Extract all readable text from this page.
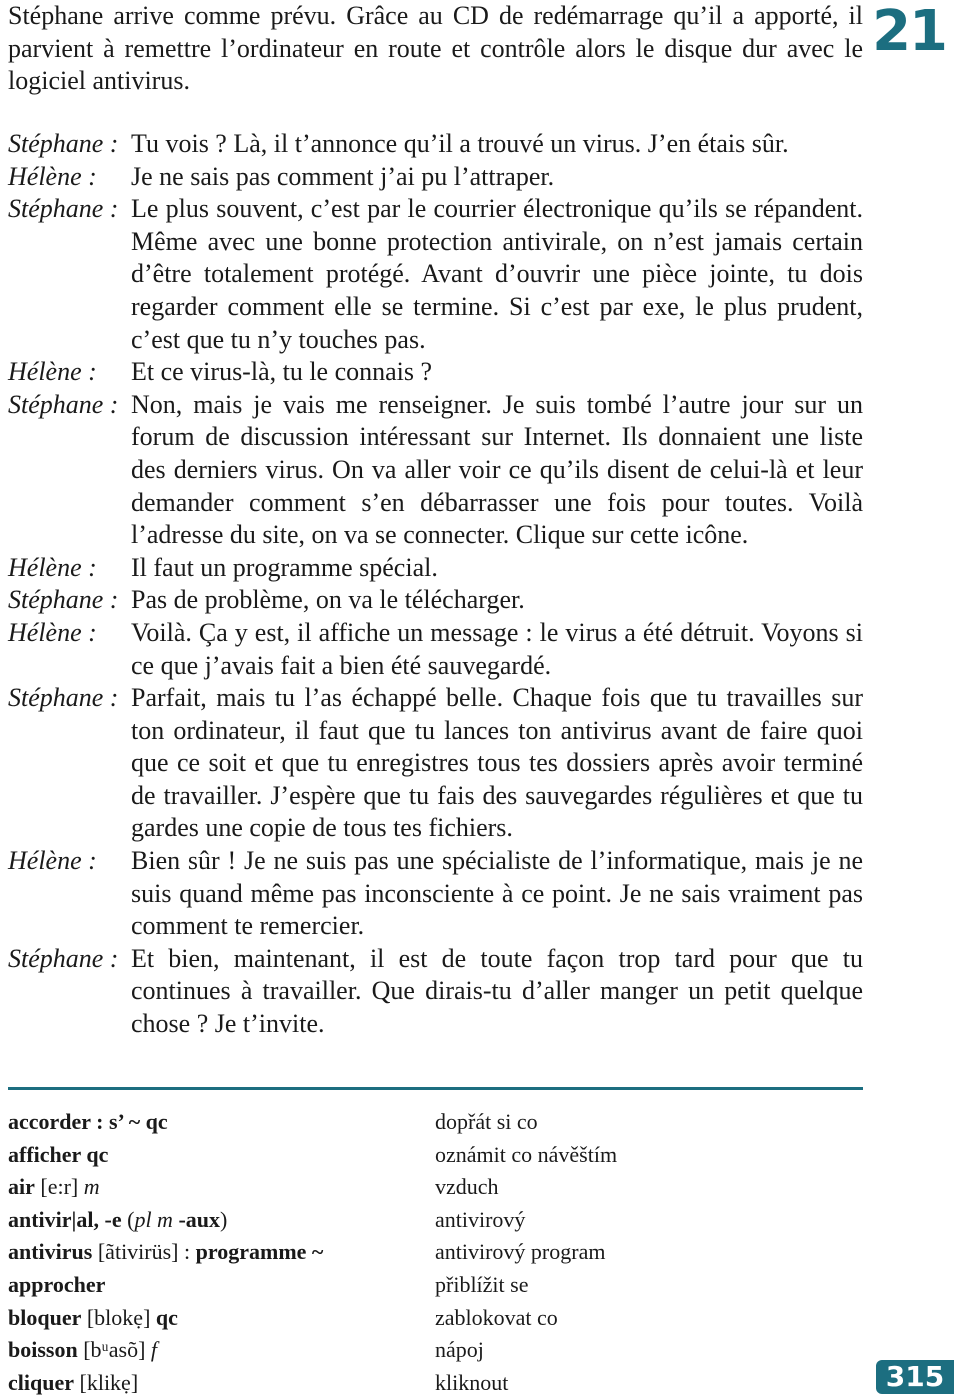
21

Stéphane arrive comme prévu. Grâce au CD de redémarrage qu’il a apporté, il parvient à remettre l’ordinateur en route et contrôle alors le disque dur avec le logiciel antivirus.

Stéphane : Tu vois ? Là, il t’annonce qu’il a trouvé un virus. J’en étais sûr.
Hélène :	Je ne sais pas comment j’ai pu l’attraper.
Stéphane : Le plus souvent, c’est par le courrier électronique qu’ils se répandent. Même avec une bonne protection antivirale, on n’est jamais certain d’être totalement protégé. Avant d’ouvrir une pièce jointe, tu dois regarder comment elle se termine. Si c’est par exe, le plus prudent, c’est que tu n’y touches pas.
Hélène :	Et ce virus-là, tu le connais ?
Stéphane : Non, mais je vais me renseigner. Je suis tombé l’autre jour sur un forum de discussion intéressant sur Internet. Ils donnaient une liste des derniers virus. On va aller voir ce qu’ils disent de celui-là et leur demander comment s’en débarrasser une fois pour toutes. Voilà l’adresse du site, on va se connecter. Clique sur cette icône.
Hélène :	Il faut un programme spécial.
Stéphane : Pas de problème, on va le télécharger.
Hélène :	Voilà. Ça y est, il affiche un message : le virus a été détruit. Voyons si ce que j’avais fait a bien été sauvegardé.
Stéphane : Parfait, mais tu l’as échappé belle. Chaque fois que tu travailles sur ton ordinateur, il faut que tu lances ton antivirus avant de faire quoi que ce soit et que tu enregistres tous tes dossiers après avoir terminé de travailler. J’espère que tu fais des sauvegardes régulières et que tu gardes une copie de tous tes fichiers.
Hélène :	Bien sûr ! Je ne suis pas une spécialiste de l’informatique, mais je ne suis quand même pas inconsciente à ce point. Je ne sais vraiment pas comment te remercier.
Stéphane : Et bien, maintenant, il est de toute façon trop tard pour que tu continues à travailler. Que dirais-tu d’aller manger un petit quelque chose ? Je t’invite.
accorder : s’ ~ qc	dopřát si co
afficher qc	oznámit co návěštím
air [e:r] m	vzduch
antivir|al, -e (pl m -aux)	antivirový
antivirus [ãtivirüs] : programme ~	antivirový program
approcher	přiblížit se
bloquer [blokẹ] qc	zablokovat co
boisson [bᵘasõ] f	nápoj
cliquer [klikẹ]	kliknout	315
